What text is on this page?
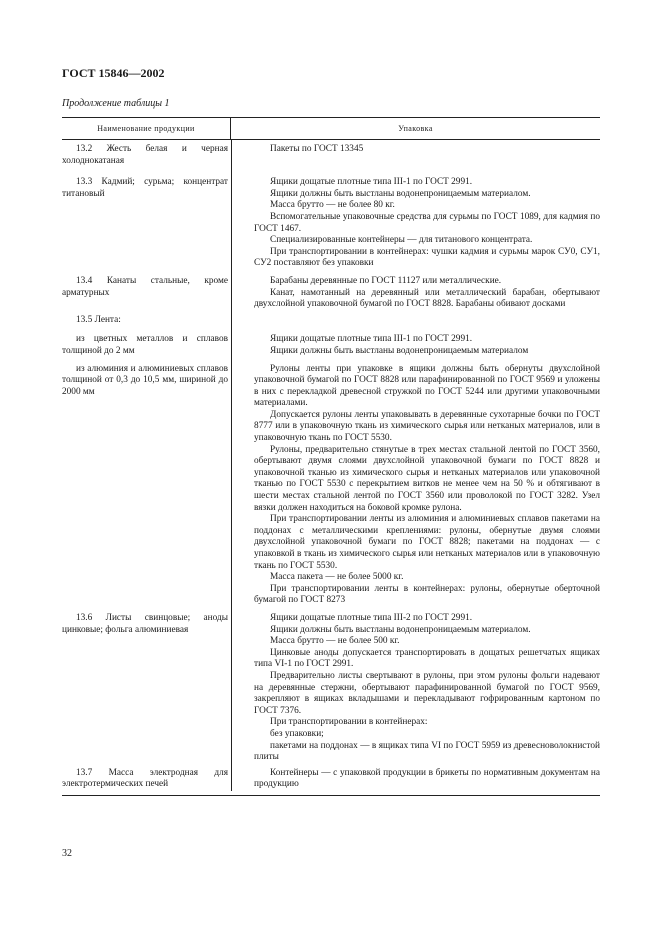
ГОСТ 15846—2002
Продолжение таблицы 1
Наименование продукции	Упаковка
13.2 Жесть белая и черная холоднокатаная
Пакеты по ГОСТ 13345
13.3 Кадмий; сурьма; концентрат титановый
Ящики дощатые плотные типа III-1 по ГОСТ 2991.
Ящики должны быть выстланы водонепроницаемым материалом.
Масса брутто — не более 80 кг.
Вспомогательные упаковочные средства для сурьмы по ГОСТ 1089, для кадмия по ГОСТ 1467.
Специализированные контейнеры — для титанового концентрата.
При транспортировании в контейнерах: чушки кадмия и сурьмы марок СУ0, СУ1, СУ2 поставляют без упаковки
13.4 Канаты стальные, кроме арматурных
Барабаны деревянные по ГОСТ 11127 или металлические.
Канат, намотанный на деревянный или металлический барабан, обертывают двухслойной упаковочной бумагой по ГОСТ 8828. Барабаны обивают досками
13.5 Лента:
из цветных металлов и сплавов толщиной до 2 мм
Ящики дощатые плотные типа III-1 по ГОСТ 2991.
Ящики должны быть выстланы водонепроницаемым материалом
из алюминия и алюминиевых сплавов толщиной от 0,3 до 10,5 мм, шириной до 2000 мм
Рулоны ленты при упаковке в ящики должны быть обернуты двухслойной упаковочной бумагой по ГОСТ 8828 или парафинированной по ГОСТ 9569 и уложены в них с перекладкой древесной стружкой по ГОСТ 5244 или другими упаковочными материалами.
Допускается рулоны ленты упаковывать в деревянные сухотарные бочки по ГОСТ 8777 или в упаковочную ткань из химического сырья или нетканых материалов, или в упаковочную ткань по ГОСТ 5530.
Рулоны, предварительно стянутые в трех местах стальной лентой по ГОСТ 3560, обертывают двумя слоями двухслойной упаковочной бумаги по ГОСТ 8828 и упаковочной тканью из химического сырья и нетканых материалов или упаковочной тканью по ГОСТ 5530 с перекрытием витков не менее чем на 50 % и обтягивают в шести местах стальной лентой по ГОСТ 3560 или проволокой по ГОСТ 3282. Узел вязки должен находиться на боковой кромке рулона.
При транспортировании ленты из алюминия и алюминиевых сплавов пакетами на поддонах с металлическими креплениями: рулоны, обернутые двумя слоями двухслойной упаковочной бумаги по ГОСТ 8828; пакетами на поддонах — с упаковкой в ткань из химического сырья или нетканых материалов или в упаковочную ткань по ГОСТ 5530.
Масса пакета — не более 5000 кг.
При транспортировании ленты в контейнерах: рулоны, обернутые оберточной бумагой по ГОСТ 8273
13.6 Листы свинцовые; аноды цинковые; фольга алюминиевая
Ящики дощатые плотные типа III-2 по ГОСТ 2991.
Ящики должны быть выстланы водонепроницаемым материалом.
Масса брутто — не более 500 кг.
Цинковые аноды допускается транспортировать в дощатых решетчатых ящиках типа VI-1 по ГОСТ 2991.
Предварительно листы свертывают в рулоны, при этом рулоны фольги надевают на деревянные стержни, обертывают парафинированной бумагой по ГОСТ 9569, закрепляют в ящиках вкладышами и перекладывают гофрированным картоном по ГОСТ 7376.
При транспортировании в контейнерах:
без упаковки;
пакетами на поддонах — в ящиках типа VI по ГОСТ 5959 из древесноволокнистой плиты
13.7 Масса электродная для электротермических печей
Контейнеры — с упаковкой продукции в брикеты по нормативным документам на продукцию
32
